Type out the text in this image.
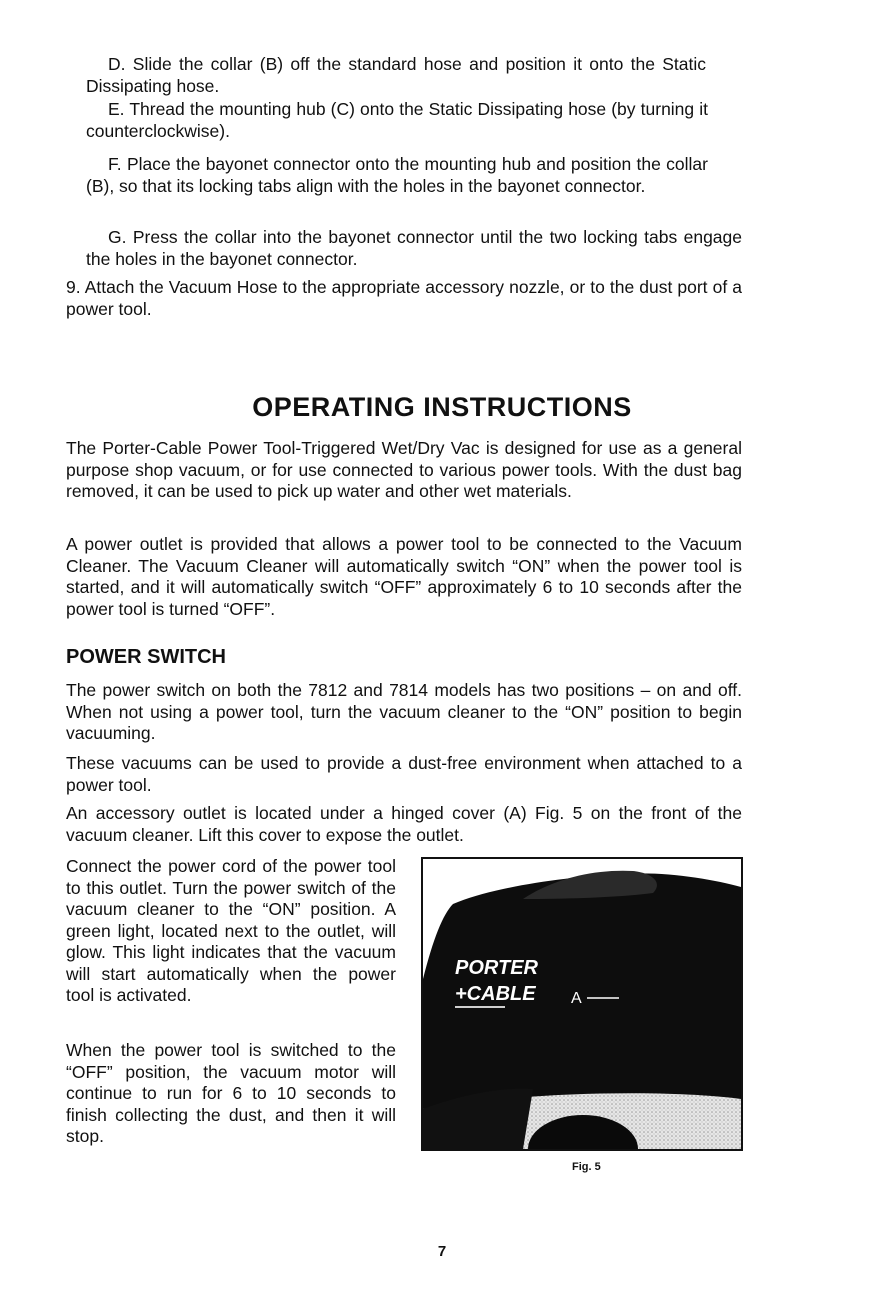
D. Slide the collar (B) off the standard hose and position it onto the Static Dissipating hose.

E. Thread the mounting hub (C) onto the Static Dissipating hose (by turning it counterclockwise).

F. Place the bayonet connector onto the mounting hub and position the collar (B), so that its locking tabs align with the holes in the bayonet connector.

G. Press the collar into the bayonet connector until the two locking tabs engage the holes in the bayonet connector.

9. Attach the Vacuum Hose to the appropriate accessory nozzle, or to the dust port of a power tool.

OPERATING INSTRUCTIONS

The Porter-Cable Power Tool-Triggered Wet/Dry Vac is designed for use as a general purpose shop vacuum, or for use connected to various power tools. With the dust bag removed, it can be used to pick up water and other wet materials.

A power outlet is provided that allows a power tool to be connected to the Vacuum Cleaner. The Vacuum Cleaner will automatically switch “ON” when the power tool is started, and it will automatically switch “OFF” approximately 6 to 10 seconds after the power tool is turned “OFF”.

POWER SWITCH

The power switch on both the 7812 and 7814 models has two positions – on and off. When not using a power tool, turn the vacuum cleaner to the “ON” position to begin vacuuming.

These vacuums can be used to provide a dust-free environment when attached to a power tool.

An accessory outlet is located under a hinged cover (A) Fig. 5 on the front of the vacuum cleaner. Lift this cover to expose the outlet.

Connect the power cord of the power tool to this outlet. Turn the power switch of the vacuum cleaner to the “ON” position. A green light, located next to the outlet, will glow. This light indicates that the vacuum will start automatically when the power tool is activated.

When the power tool is switched to the “OFF” position, the vacuum motor will continue to run for 6 to 10 seconds to finish collecting the dust, and then it will stop.

PORTER
+CABLE A
Fig. 5
7
